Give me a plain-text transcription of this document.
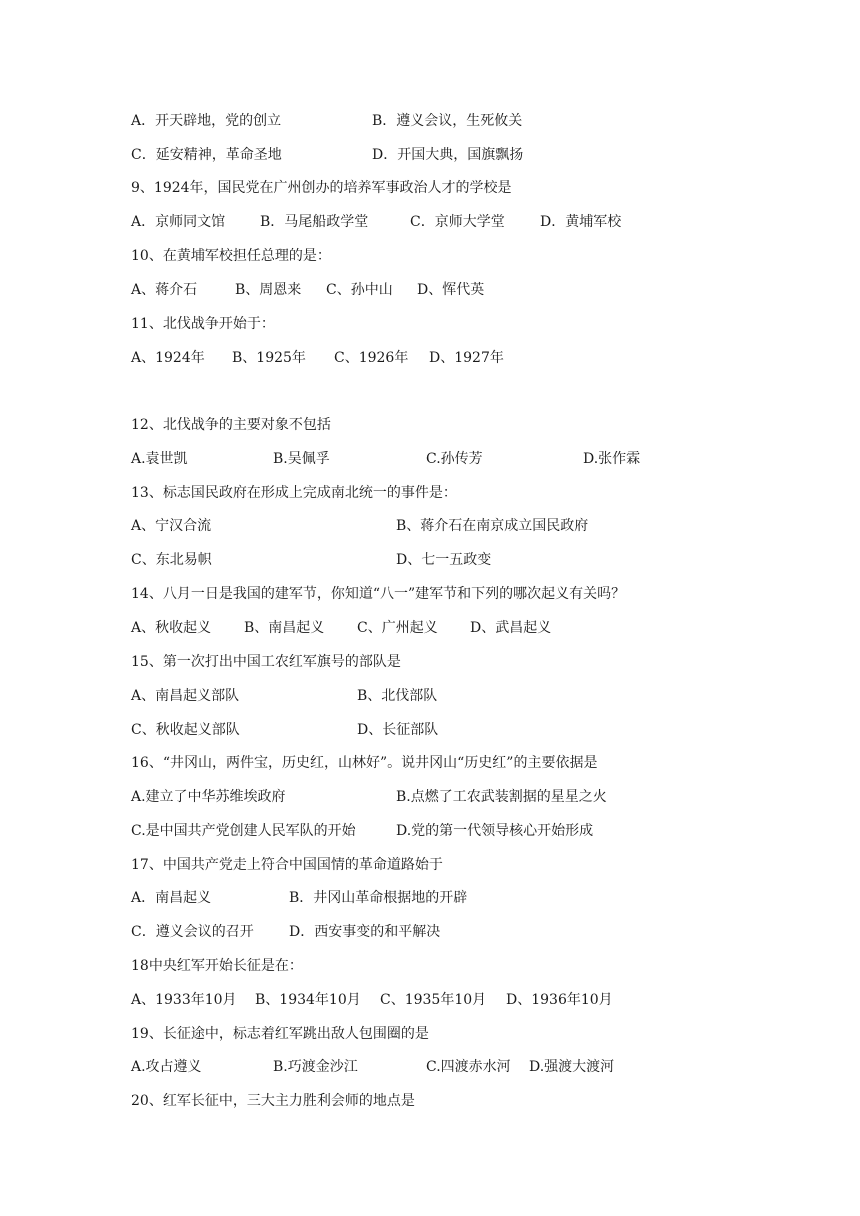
A．开天辟地，党的创立	B．遵义会议，生死攸关
C．延安精神，革命圣地	D．开国大典，国旗飘扬
9、1924年，国民党在广州创办的培养军事政治人才的学校是
A．京师同文馆 B．马尾船政学堂	C．京师大学堂	D．黄埔军校
10、在黄埔军校担任总理的是：
A、蒋介石	B、周恩来 C、孙中山 D、恽代英
11、北伐战争开始于：
A、1924年 B、1925年 C、1926年 D、1927年
12、北伐战争的主要对象不包括
A.袁世凯	B.吴佩孚	C.孙传芳	D.张作霖
13、标志国民政府在形成上完成南北统一的事件是：
A、宁汉合流	B、蒋介石在南京成立国民政府
C、东北易帜	D、七一五政变
14、八月一日是我国的建军节，你知道“八一”建军节和下列的哪次起义有关吗？
A、秋收起义 B、南昌起义 C、广州起义 D、武昌起义
15、第一次打出中国工农红军旗号的部队是
A、南昌起义部队	B、北伐部队
C、秋收起义部队	D、长征部队
16、“井冈山，两件宝，历史红，山林好”。说井冈山“历史红”的主要依据是
A.建立了中华苏维埃政府	B.点燃了工农武装割据的星星之火
C.是中国共产党创建人民军队的开始	D.党的第一代领导核心开始形成
17、中国共产党走上符合中国国情的革命道路始于
A．南昌起义	B．井冈山革命根据地的开辟
C．遵义会议的召开	D．西安事变的和平解决
18中央红军开始长征是在：
A、1933年10月 B、1934年10月 C、1935年10月 D、1936年10月
19、长征途中，标志着红军跳出敌人包围圈的是
A.攻占遵义	B.巧渡金沙江	C.四渡赤水河 D.强渡大渡河
20、红军长征中，三大主力胜利会师的地点是
